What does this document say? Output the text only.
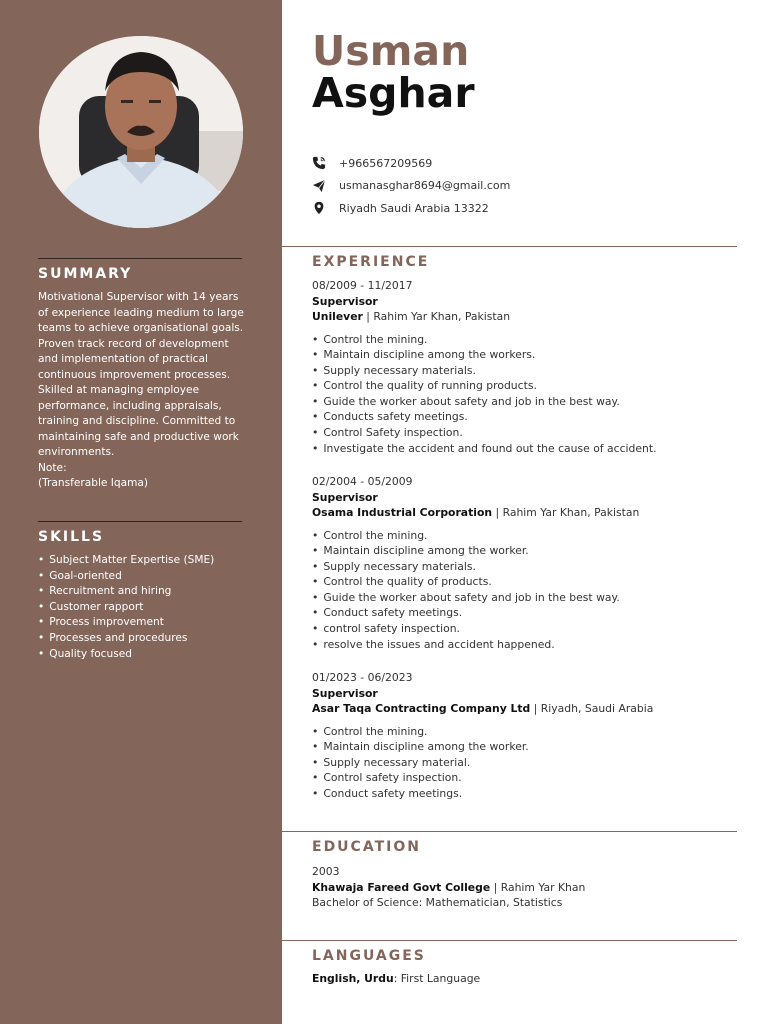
SUMMARY

Motivational Supervisor with 14 years of experience leading medium to large teams to achieve organisational goals. Proven track record of development and implementation of practical continuous improvement processes. Skilled at managing employee performance, including appraisals, training and discipline. Committed to maintaining safe and productive work environments.
Note:
(Transferable Iqama)

SKILLS
• Subject Matter Expertise (SME)
• Goal-oriented
• Recruitment and hiring
• Customer rapport
• Process improvement
• Processes and procedures
• Quality focused
Usman
Asghar
+966567209569
usmanasghar8694@gmail.com
Riyadh Saudi Arabia 13322
EXPERIENCE
08/2009 - 11/2017
Supervisor
Unilever | Rahim Yar Khan, Pakistan
• Control the mining.
• Maintain discipline among the workers.
• Supply necessary materials.
• Control the quality of running products.
• Guide the worker about safety and job in the best way.
• Conducts safety meetings.
• Control Safety inspection.
• Investigate the accident and found out the cause of accident.
02/2004 - 05/2009
Supervisor
Osama Industrial Corporation | Rahim Yar Khan, Pakistan
• Control the mining.
• Maintain discipline among the worker.
• Supply necessary materials.
• Control the quality of products.
• Guide the worker about safety and job in the best way.
• Conduct safety meetings.
• control safety inspection.
• resolve the issues and accident happened.
01/2023 - 06/2023
Supervisor
Asar Taqa Contracting Company Ltd | Riyadh, Saudi Arabia
• Control the mining.
• Maintain discipline among the worker.
• Supply necessary material.
• Control safety inspection.
• Conduct safety meetings.
EDUCATION
2003
Khawaja Fareed Govt College | Rahim Yar Khan
Bachelor of Science: Mathematician, Statistics
LANGUAGES
English, Urdu: First Language
